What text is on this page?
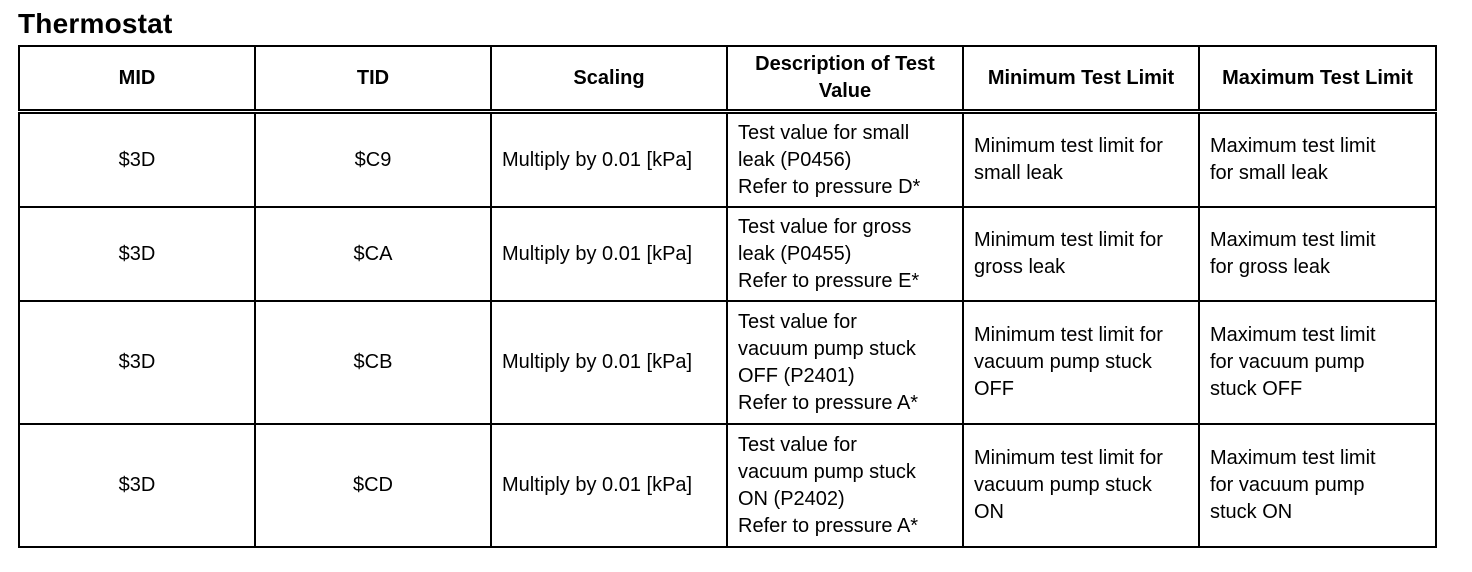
Thermostat
MID	TID	Scaling	Description of Test Value	Minimum Test Limit	Maximum Test Limit
$3D	$C9	Multiply by 0.01 [kPa]	Test value for small
leak (P0456)
Refer to pressure D*	Minimum test limit for
small leak	Maximum test limit
for small leak

$3D	$CA	Multiply by 0.01 [kPa]	Test value for gross
leak (P0455)
Refer to pressure E*	Minimum test limit for
gross leak	Maximum test limit
for gross leak

$3D	$CB	Multiply by 0.01 [kPa]	Test value for
vacuum pump stuck
OFF (P2401)
Refer to pressure A*	Minimum test limit for
vacuum pump stuck
OFF	Maximum test limit
for vacuum pump
stuck OFF

$3D	$CD	Multiply by 0.01 [kPa]	Test value for
vacuum pump stuck
ON (P2402)
Refer to pressure A*	Minimum test limit for
vacuum pump stuck
ON	Maximum test limit
for vacuum pump
stuck ON
